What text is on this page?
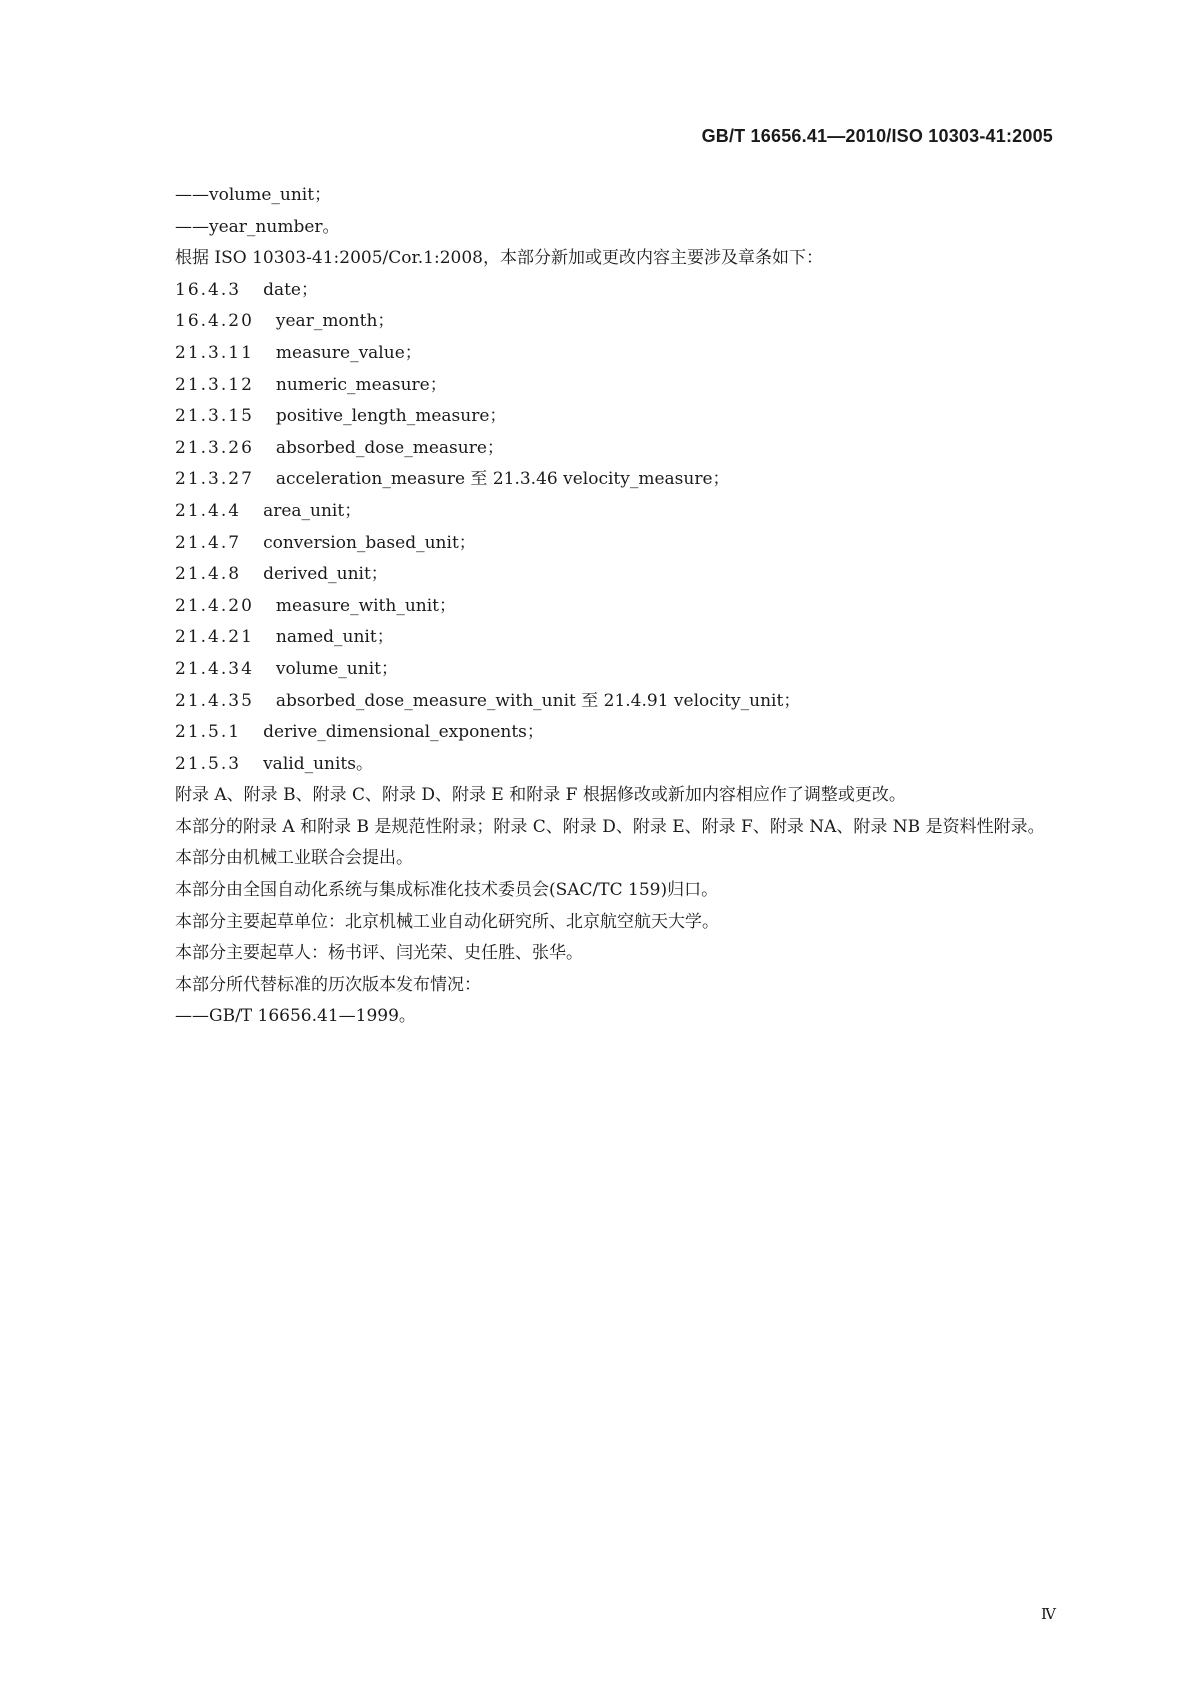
GB/T 16656.41—2010/ISO 10303-41:2005
——volume_unit；
——year_number。
根据 ISO 10303-41:2005/Cor.1:2008，本部分新加或更改内容主要涉及章条如下：
16.4.3 date；
16.4.20 year_month；
21.3.11 measure_value；
21.3.12 numeric_measure；
21.3.15 positive_length_measure；
21.3.26 absorbed_dose_measure；
21.3.27 acceleration_measure 至 21.3.46 velocity_measure；
21.4.4 area_unit；
21.4.7 conversion_based_unit；
21.4.8 derived_unit；
21.4.20 measure_with_unit；
21.4.21 named_unit；
21.4.34 volume_unit；
21.4.35 absorbed_dose_measure_with_unit 至 21.4.91 velocity_unit；
21.5.1 derive_dimensional_exponents；
21.5.3 valid_units。
附录 A、附录 B、附录 C、附录 D、附录 E 和附录 F 根据修改或新加内容相应作了调整或更改。
本部分的附录 A 和附录 B 是规范性附录；附录 C、附录 D、附录 E、附录 F、附录 NA、附录 NB 是资料性附录。
本部分由机械工业联合会提出。
本部分由全国自动化系统与集成标准化技术委员会(SAC/TC 159)归口。
本部分主要起草单位：北京机械工业自动化研究所、北京航空航天大学。
本部分主要起草人：杨书评、闫光荣、史任胜、张华。
本部分所代替标准的历次版本发布情况：
——GB/T 16656.41—1999。
Ⅳ
